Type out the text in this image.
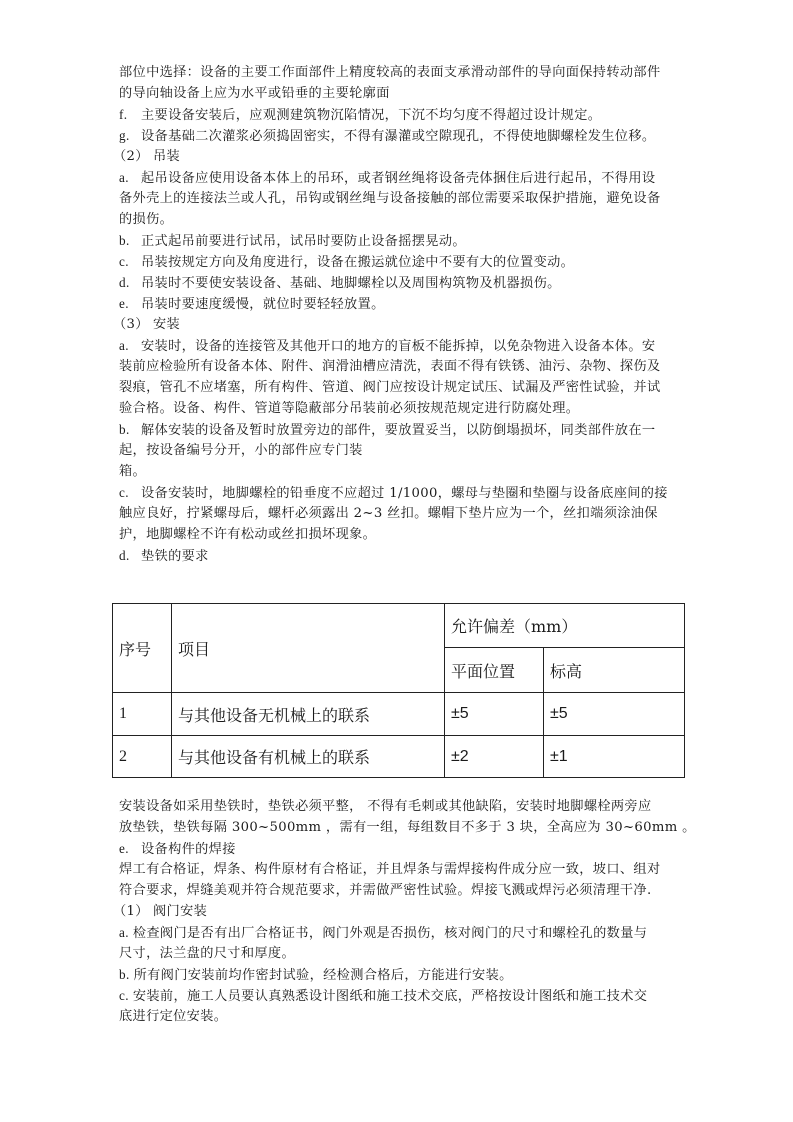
部位中选择：设备的主要工作面部件上精度较高的表面支承滑动部件的导向面保持转动部件
的导向轴设备上应为水平或铅垂的主要轮廓面
f. 主要设备安装后，应观测建筑物沉陷情况，下沉不均匀度不得超过设计规定。
g. 设备基础二次灌浆必须捣固密实，不得有瀑灌或空隙现孔，不得使地脚螺栓发生位移。
（2） 吊装
a. 起吊设备应使用设备本体上的吊环，或者钢丝绳将设备壳体捆住后进行起吊，不得用设
备外壳上的连接法兰或人孔，吊钩或钢丝绳与设备接触的部位需要采取保护措施，避免设备
的损伤。
b. 正式起吊前要进行试吊，试吊时要防止设备摇摆晃动。
c. 吊装按规定方向及角度进行，设备在搬运就位途中不要有大的位置变动。
d. 吊装时不要使安装设备、基础、地脚螺栓以及周围构筑物及机器损伤。
e. 吊装时要速度缓慢，就位时要轻轻放置。
（3） 安装
a. 安装时，设备的连接管及其他开口的地方的盲板不能拆掉，以免杂物进入设备本体。安
装前应检验所有设备本体、附件、润滑油槽应清洗，表面不得有铁锈、油污、杂物、探伤及
裂痕，管孔不应堵塞，所有构件、管道、阀门应按设计规定试压、试漏及严密性试验，并试
验合格。设备、构件、管道等隐蔽部分吊装前必须按规范规定进行防腐处理。
b. 解体安装的设备及暂时放置旁边的部件，要放置妥当，以防倒塌损坏，同类部件放在一
起，按设备编号分开，小的部件应专门装
箱。
c. 设备安装时，地脚螺栓的铅垂度不应超过 1/1000，螺母与垫圈和垫圈与设备底座间的接
触应良好，拧紧螺母后，螺杆必须露出 2~3 丝扣。螺帽下垫片应为一个，丝扣端须涂油保
护，地脚螺栓不许有松动或丝扣损坏现象。
d. 垫铁的要求
序号	项目	允许偏差（mm）	
		平面位置	标高
1	与其他设备无机械上的联系	±5	±5
2	与其他设备有机械上的联系	±2	±1
安装设备如采用垫铁时，垫铁必须平整， 不得有毛刺或其他缺陷，安装时地脚螺栓两旁应
放垫铁，垫铁每隔 300~500mm ，需有一组，每组数目不多于 3 块，全高应为 30~60mm 。
e. 设备构件的焊接
焊工有合格证，焊条、构件原材有合格证，并且焊条与需焊接构件成分应一致，坡口、组对
符合要求，焊缝美观并符合规范要求，并需做严密性试验。焊接飞溅或焊污必须清理干净.
（1） 阀门安装
a. 检查阀门是否有出厂合格证书，阀门外观是否损伤，核对阀门的尺寸和螺栓孔的数量与
尺寸，法兰盘的尺寸和厚度。
b. 所有阀门安装前均作密封试验，经检测合格后，方能进行安装。
c. 安装前，施工人员要认真熟悉设计图纸和施工技术交底，严格按设计图纸和施工技术交
底进行定位安装。
